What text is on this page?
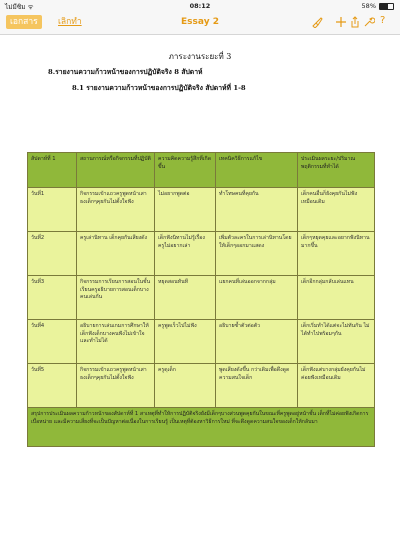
ไม่มีซิม ᯤ	08:12	58%
เอกสาร	เลิกทำ	Essay 2	?
ภาระงานระยะที่ 3
8.รายงานความก้าวหน้าของการปฏิบัติจริง 8 สัปดาห์
8.1 รายงานความก้าวหน้าของการปฏิบัติจริง สัปดาห์ที่ 1-8
สัปดาห์ที่ 1	สถานการณ์หรือกิจกรรมที่ปฏิบัติ	ความคิดความรู้สึกที่เกิดขึ้น	เทคนิควิธีการแก้ไข	ประเมินผลระยะ/ปริมาณพฤติกรรมที่ทำได้
วันที่1	กิจกรรมเข้าแถวครูพูดหน้าเสาธงเด็กๆคุยกันไม่ตั้งใจฟัง	ไม่อยากพูดต่อ	ทำโทษคนที่คุยกัน	เด็กคนอื่นก็ยังคุยกันไม่ฟังเหมือนเดิม
วันที่2	ครูเล่านิทาน เด็กคุยกันเสียงดัง	เด็กฟังนิทานไม่รู้เรื่อง ครูไม่อยากเล่า	เพิ่มตัวละครในการเล่านิทานโดยให้เด็กๆออกมาแสดง	เด็กๆหยุดคุยและอยากฟังนิทานมากขึ้น
วันที่3	กิจกรรมการเรียนการสอนในชั้นเรียนครูอธิบายการสอนเด็กบางคนเล่นกัน	หยุดสอนทันที	แยกคนที่เล่นออกจากกลุ่ม	เด็กอีกกลุ่มกลับเล่นแทน
วันที่4	อธิบายการเล่นเกมการศึกษาให้เด็กฟังเด็กบางคนฟังไม่เข้าใจและทำไม่ได้	ครูพูดเร็วไปไม่ฟัง	อธิบายซ้ำตัวต่อตัว	เด็กเริ่มทำได้แต่จะไม่ทันกัน ไม่ได้ทำไปพร้อมๆกัน
วันที่5	กิจกรรมเข้าแถวครูพูดหน้าเสาธงเด็กๆคุยกันไม่ตั้งใจฟัง	ครูดุเด็ก	พูดเสียงดังขึ้น กว่าเดิมเพื่อดึงดูดความสนใจเด็ก	เด็กฟังแต่บางกลุ่มยังคุยกันไม่ค่อยฟังเหมือนเดิม
สรุปการประเมินผลความก้าวหน้าของสัปดาห์ที่ 1 สาเหตุที่ทำให้การปฏิบัติจริงยังมีเด็กๆบางส่วนพูดคุยกันในขณะที่ครูพูดอยู่หน้าชั้น เด็กที่ไม่ค่อยฟังเกิดการเบื่อหน่าย และมีความเสี่ยงที่จะเป็นปัญหาต่อเนื่องในการเรียนรู้ เป็นเหตุที่ต้องหาวิธีการใหม่ ที่จะดึงดูดความสนใจของเด็กให้กลับมา				
